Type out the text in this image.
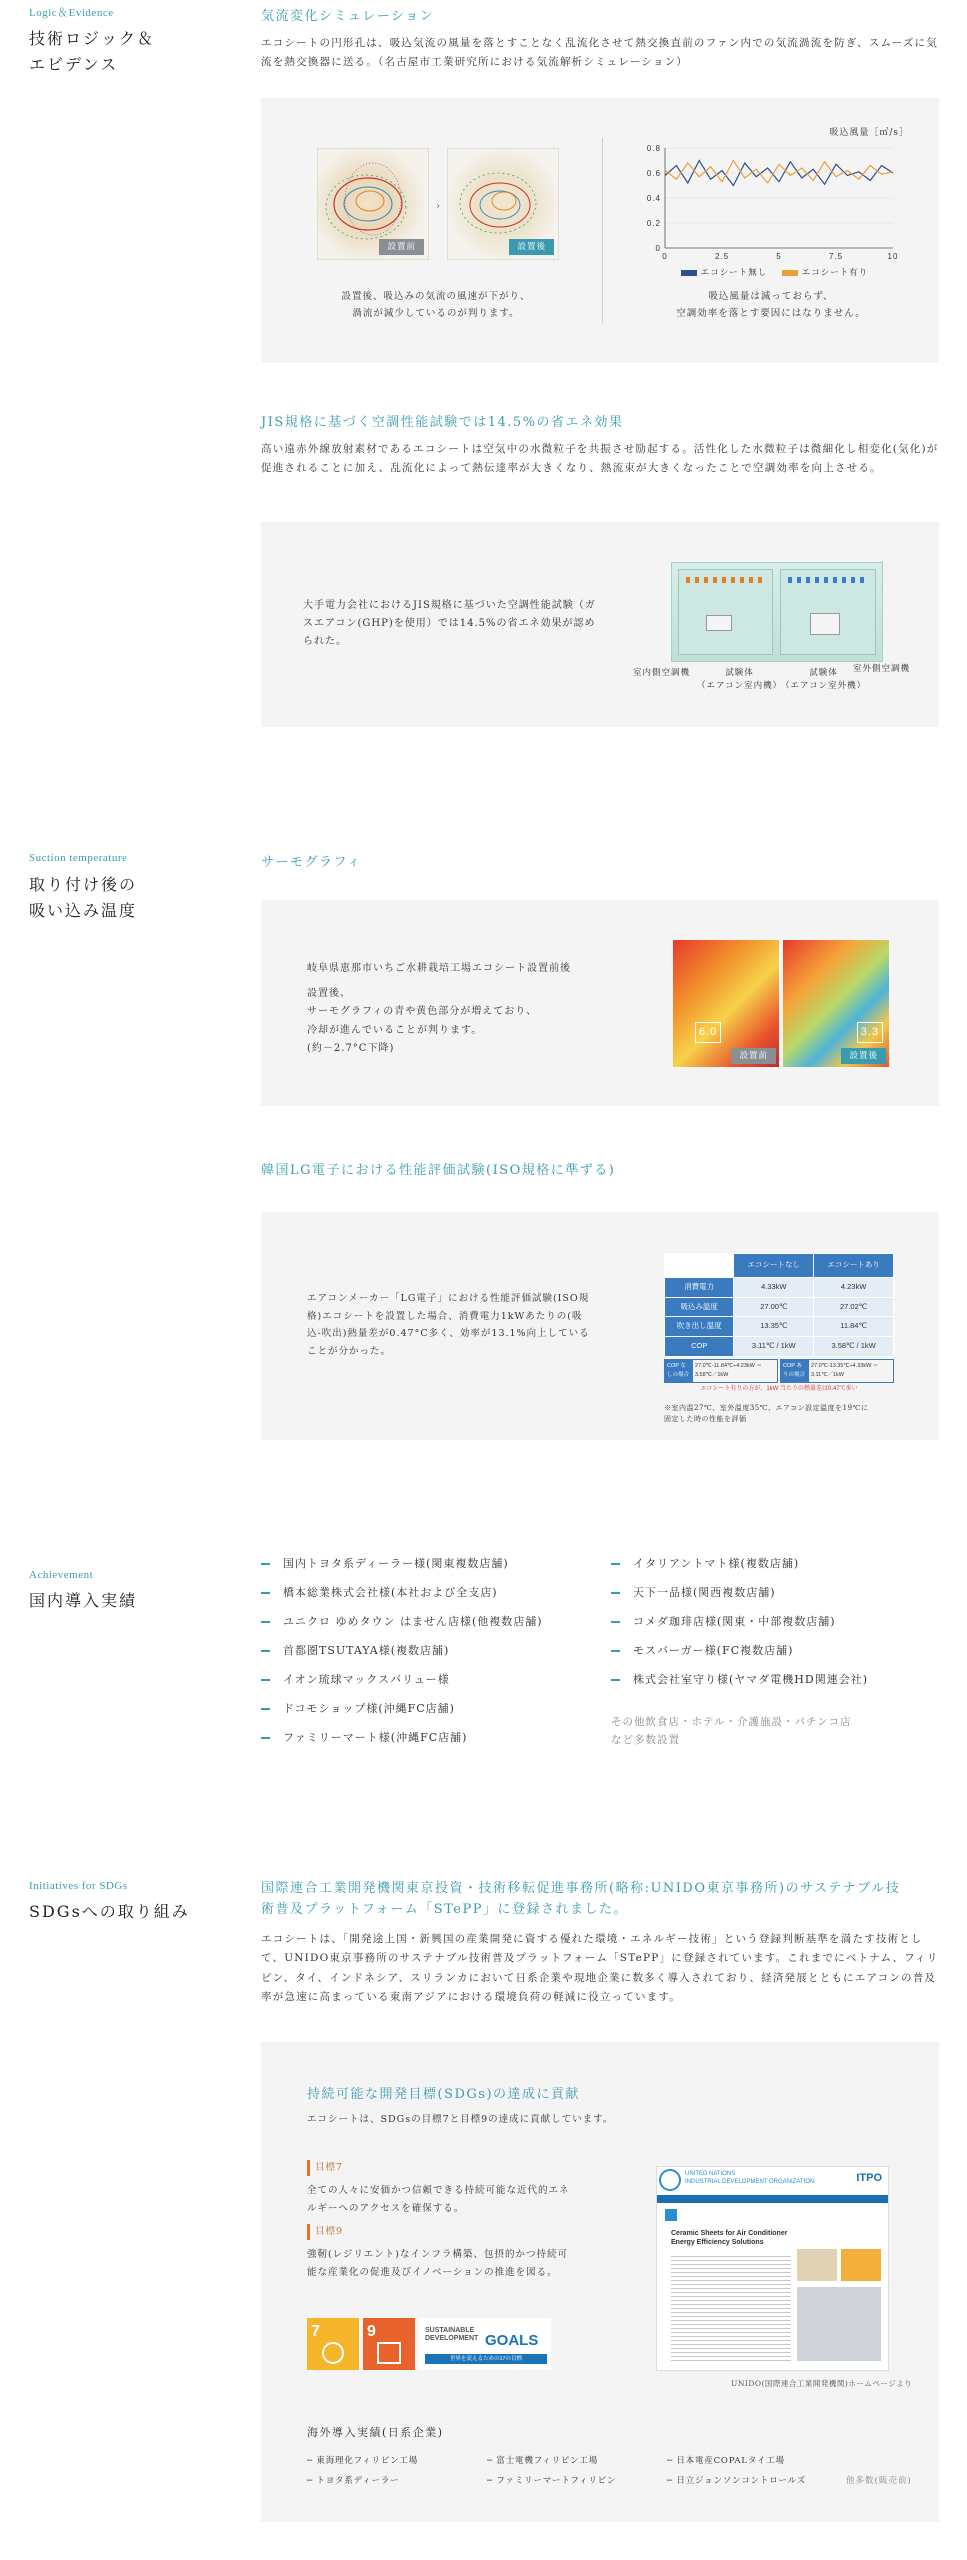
Logic＆Evidence
技術ロジック＆
エビデンス
気流変化シミュレーション
エコシートの円形孔は、吸込気流の風量を落とすことなく乱流化させて熱交換直前のファン内での気流渦流を防ぎ、スムーズに気流を熱交換器に送る。（名古屋市工業研究所における気流解析シミュレーション）
設置前
›
設置後
設置後、吸込みの気流の風速が下がり、
渦流が減少しているのが判ります。
吸込風量［㎥/s］
0
0.2
0.4
0.6
0.8
0	2.5	5	7.5	10
エコシート無し	エコシート有り
吸込風量は減っておらず、
空調効率を落とす要因にはなりません。
JIS規格に基づく空調性能試験では14.5%の省エネ効果
高い遠赤外線放射素材であるエコシートは空気中の水微粒子を共振させ励起する。活性化した水微粒子は微細化し相変化(気化)が促進されることに加え、乱流化によって熱伝達率が大きくなり、熱流束が大きくなったことで空調効率を向上させる。
大手電力会社におけるJIS規格に基づいた空調性能試験（ガスエアコン(GHP)を使用）では14.5%の省エネ効果が認められた。
室内側空調機	試験体
（エアコン室内機）
試験体
（エアコン室外機）
室外側空調機
Suction temperature
取り付け後の
吸い込み温度
サーモグラフィ
岐阜県恵那市いちご水耕栽培工場エコシート設置前後
設置後、
サーモグラフィの青や黄色部分が増えており、
冷却が進んでいることが判ります。
(約－2.7°C下降)
6.0
設置前
3.3
設置後
韓国LG電子における性能評価試験(ISO規格に準ずる)
エアコンメーカー「LG電子」における性能評価試験(ISO規格)エコシートを設置した場合、消費電力1kWあたりの(吸込-吹出)熱量差が0.47°C多く、効率が13.1%向上していることが分かった。
	エコシートなし	エコシートあり
消費電力	4.33kW	4.23kW
吸込み温度	27.00℃	27.02℃
吹き出し温度	13.35℃	11.84℃
COP	3.11℃ / 1kW	3.58℃ / 1kW
COP なしの場合
27.0℃-11.84℃÷4.23kW ＝3.58℃／1kW
COP ありの場合
27.0℃-13.35℃÷4.33kW ＝3.11℃／1kW
エコシート有りの方が、1kW 当たりの熱量差は0.47℃多い
※室内温27℃、室外温度35℃、エアコン設定温度を19℃に
固定した時の性能を評価
Achievement
国内導入実績
国内トヨタ系ディーラー様(関東複数店舗)
橋本総業株式会社様(本社および全支店)
ユニクロ ゆめタウン はません店様(他複数店舗)
首都圏TSUTAYA様(複数店舗)
イオン琉球マックスバリュー様
ドコモショップ様(沖縄FC店舗)
ファミリーマート様(沖縄FC店舗)
イタリアントマト様(複数店舗)
天下一品様(関西複数店舗)
コメダ珈琲店様(関東・中部複数店舗)
モスバーガー様(FC複数店舗)
株式会社室守り様(ヤマダ電機HD関連会社)
その他飲食店・ホテル・介護施設・パチンコ店
など多数設置
Initiatives for SDGs
SDGsへの取り組み
国際連合工業開発機関東京投資・技術移転促進事務所(略称:UNIDO東京事務所)のサステナブル技
術普及プラットフォーム「STePP」に登録されました。
エコシートは、「開発途上国・新興国の産業開発に資する優れた環境・エネルギー技術」という登録判断基準を満たす技術として、UNIDO東京事務所のサステナブル技術普及プラットフォーム「STePP」に登録されています。これまでにベトナム、フィリピン、タイ、インドネシア、スリランカにおいて日系企業や現地企業に数多く導入されており、経済発展とともにエアコンの普及率が急速に高まっている東南アジアにおける環境負荷の軽減に役立っています。
持続可能な開発目標(SDGs)の達成に貢献
エコシートは、SDGsの目標7と目標9の達成に貢献しています。
目標7
全ての人々に安価かつ信頼できる持続可能な近代的エネルギーへのアクセスを確保する。
目標9
強靭(レジリエント)なインフラ構築、包摂的かつ持続可能な産業化の促進及びイノベーションの推進を図る。
7	9	SUSTAINABLE DEVELOPMENT GOALS
世界を変えるための17の目標
UNITED NATIONS
INDUSTRIAL DEVELOPMENT ORGANIZATION	ITPO
Ceramic Sheets for Air Conditioner
Energy Efficiency Solutions
UNIDO(国際連合工業開発機関)ホームページより
海外導入実績(日系企業)
─ 東海理化フィリピン工場	─ 富士電機フィリピン工場	─ 日本電産COPALタイ工場
─ トヨタ系ディーラー	─ ファミリーマートフィリピン	─ 日立ジョンソンコントロールズ	他多数(販売前)
